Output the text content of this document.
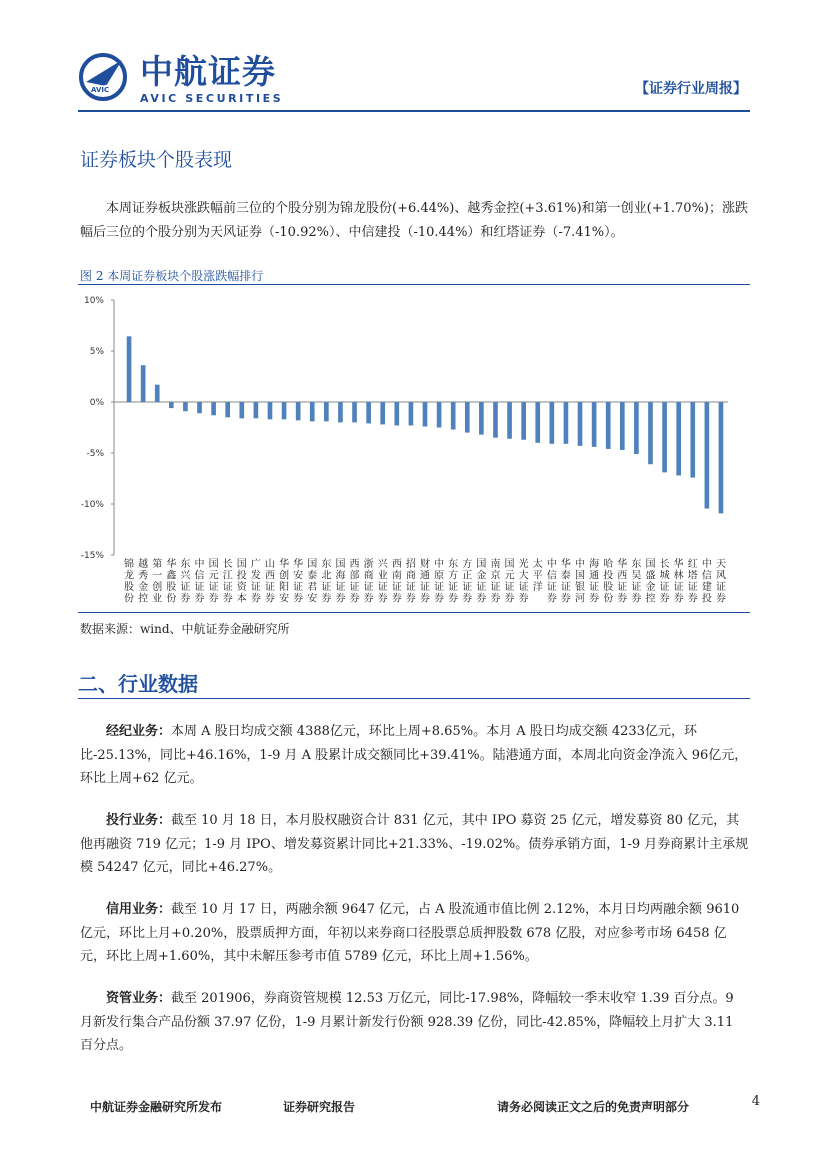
AVIC 中航证券
AVIC SECURITIES
【证券行业周报】
证券板块个股表现
本周证券板块涨跌幅前三位的个股分别为锦龙股份(+6.44%)、越秀金控(+3.61%)和第一创业(+1.70%)；涨跌幅后三位的个股分别为天风证券（-10.92%）、中信建投（-10.44%）和红塔证券（-7.41%）。
图 2 本周证券板块个股涨跌幅排行
10%
5%
0%
-5%
-10%
-15%
锦龙股份
越秀金控
第一创业
华鑫股份
东兴证券
中信证券
国元证券
长江证券
国投资本
广发证券
山西证券
华创阳安
华安证券
国泰君安
东北证券
国海证券
西部证券
浙商证券
兴业证券
西南证券
招商证券
财通证券
中原证券
东方证券
方正证券
国金证券
南京证券
国元证券
光大证券
太平洋
中信证券
华泰证券
中国银河
海通证券
哈投股份
华西证券
东吴证券
国盛金控
长城证券
华林证券
红塔证券
中信建投
天风证券
数据来源：wind、中航证券金融研究所
二、行业数据
经纪业务：本周 A 股日均成交额 4388亿元，环比上周+8.65%。本月 A 股日均成交额 4233亿元，环比-25.13%，同比+46.16%，1-9 月 A 股累计成交额同比+39.41%。陆港通方面，本周北向资金净流入 96亿元，环比上周+62 亿元。
投行业务：截至 10 月 18 日，本月股权融资合计 831 亿元，其中 IPO 募资 25 亿元，增发募资 80 亿元，其他再融资 719 亿元；1-9 月 IPO、增发募资累计同比+21.33%、-19.02%。债券承销方面，1-9 月券商累计主承规模 54247 亿元，同比+46.27%。
信用业务：截至 10 月 17 日，两融余额 9647 亿元，占 A 股流通市值比例 2.12%，本月日均两融余额 9610 亿元，环比上月+0.20%，股票质押方面，年初以来券商口径股票总质押股数 678 亿股，对应参考市场 6458 亿元，环比上周+1.60%，其中未解压参考市值 5789 亿元，环比上周+1.56%。
资管业务：截至 201906，券商资管规模 12.53 万亿元，同比-17.98%，降幅较一季末收窄 1.39 百分点。9 月新发行集合产品份额 37.97 亿份，1-9 月累计新发行份额 928.39 亿份，同比-42.85%，降幅较上月扩大 3.11 百分点。
中航证券金融研究所发布	证券研究报告	请务必阅读正文之后的免责声明部分	4
